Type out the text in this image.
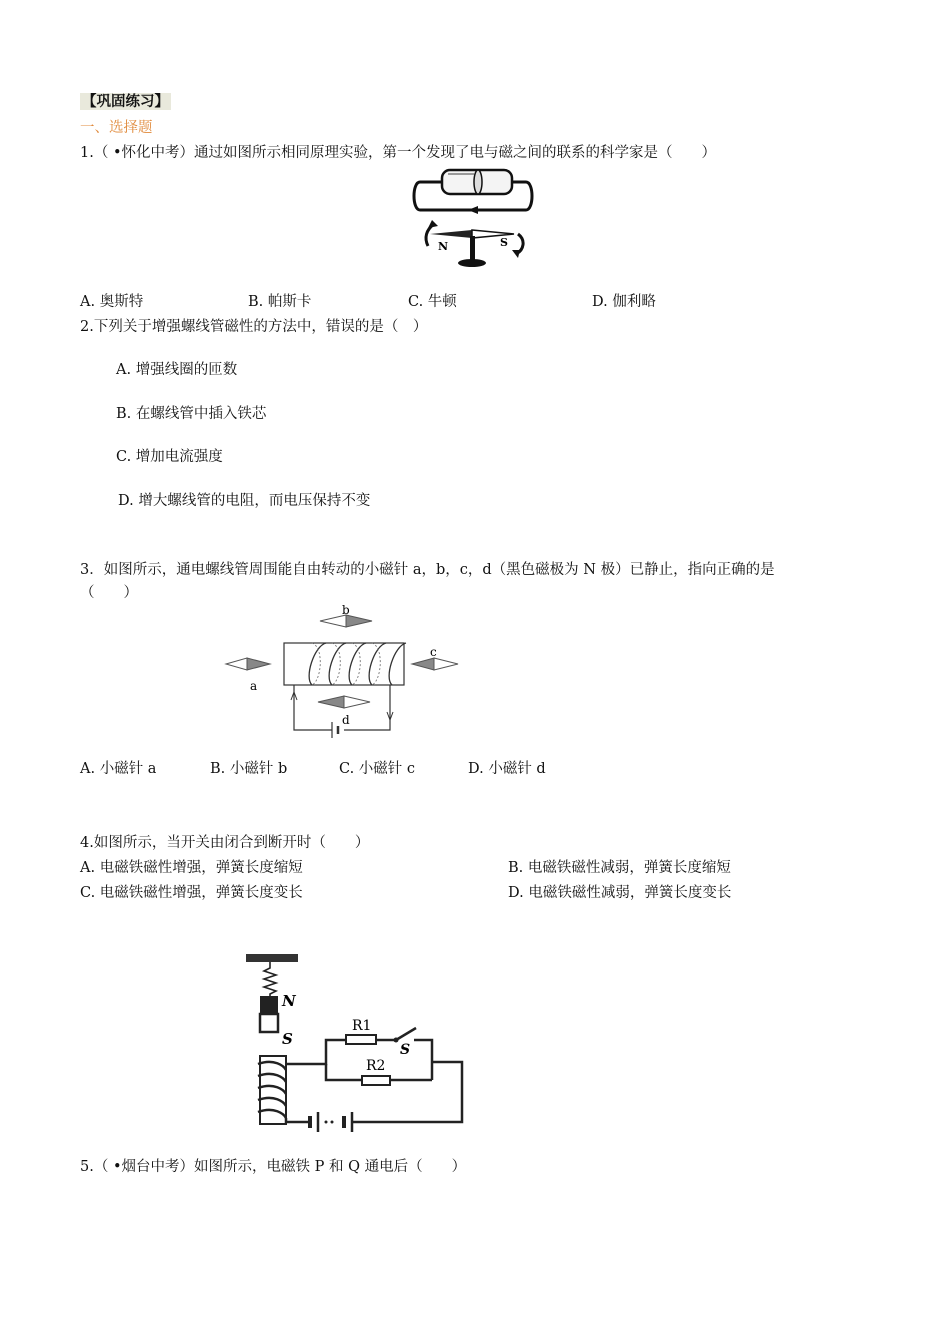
【巩固练习】
一、选择题
1.（ •怀化中考）通过如图所示相同原理实验，第一个发现了电与磁之间的联系的科学家是（　　）
N	S
A. 奥斯特	B. 帕斯卡	C. 牛顿	D. 伽利略
2.下列关于增强螺线管磁性的方法中，错误的是（　）
A. 增强线圈的匝数
B. 在螺线管中插入铁芯
C. 增加电流强度
D. 增大螺线管的电阻，而电压保持不变
3．如图所示，通电螺线管周围能自由转动的小磁针 a，b，c，d（黑色磁极为 N 极）已静止，指向正确的是
（　　）
b
a
c
d
A. 小磁针 a	B. 小磁针 b	C. 小磁针 c	D. 小磁针 d
4.如图所示，当开关由闭合到断开时（　　）
A. 电磁铁磁性增强，弹簧长度缩短	B. 电磁铁磁性减弱，弹簧长度缩短
C. 电磁铁磁性增强，弹簧长度变长	D. 电磁铁磁性减弱，弹簧长度变长
N
S
R1
S
R2
5.（ •烟台中考）如图所示，电磁铁 P 和 Q 通电后（　　）
